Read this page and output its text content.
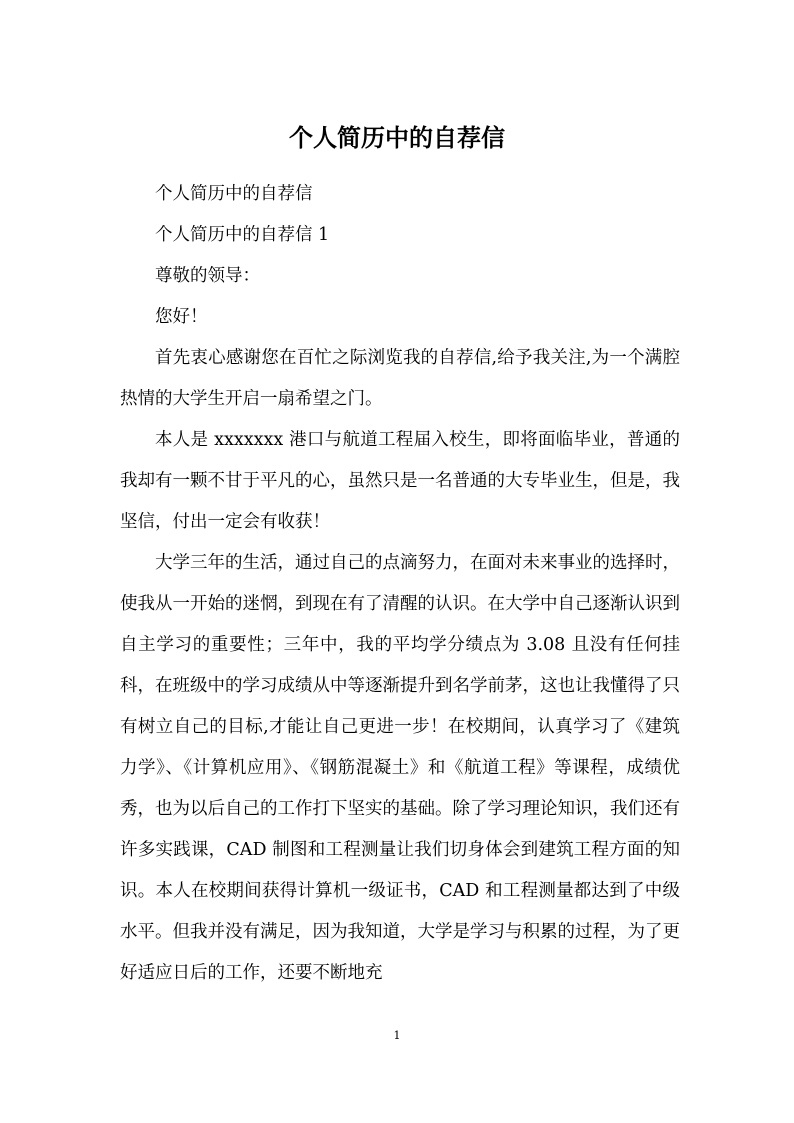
个人简历中的自荐信

个人简历中的自荐信

个人简历中的自荐信 1

尊敬的领导：

您好！

首先衷心感谢您在百忙之际浏览我的自荐信,给予我关注,为一个满腔热情的大学生开启一扇希望之门。

本人是 xxxxxxx 港口与航道工程届入校生，即将面临毕业，普通的我却有一颗不甘于平凡的心，虽然只是一名普通的大专毕业生，但是，我坚信，付出一定会有收获！

大学三年的生活，通过自己的点滴努力，在面对未来事业的选择时，使我从一开始的迷惘，到现在有了清醒的认识。在大学中自己逐渐认识到自主学习的重要性；三年中，我的平均学分绩点为 3.08 且没有任何挂科，在班级中的学习成绩从中等逐渐提升到名学前茅，这也让我懂得了只有树立自己的目标,才能让自己更进一步！在校期间，认真学习了《建筑力学》、《计算机应用》、《钢筋混凝土》和《航道工程》等课程，成绩优秀，也为以后自己的工作打下坚实的基础。除了学习理论知识，我们还有许多实践课，CAD 制图和工程测量让我们切身体会到建筑工程方面的知识。本人在校期间获得计算机一级证书，CAD 和工程测量都达到了中级水平。但我并没有满足，因为我知道，大学是学习与积累的过程，为了更好适应日后的工作，还要不断地充

1
